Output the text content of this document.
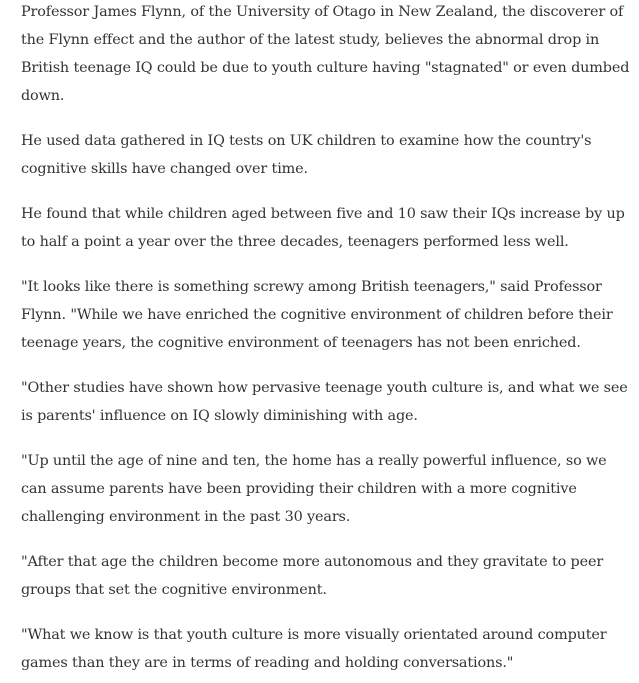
Professor James Flynn, of the University of Otago in New Zealand, the discoverer of the Flynn effect and the author of the latest study, believes the abnormal drop in British teenage IQ could be due to youth culture having "stagnated" or even dumbed down.

He used data gathered in IQ tests on UK children to examine how the country's cognitive skills have changed over time.

He found that while children aged between five and 10 saw their IQs increase by up to half a point a year over the three decades, teenagers performed less well.

"It looks like there is something screwy among British teenagers," said Professor Flynn. "While we have enriched the cognitive environment of children before their teenage years, the cognitive environment of teenagers has not been enriched.

"Other studies have shown how pervasive teenage youth culture is, and what we see is parents' influence on IQ slowly diminishing with age.

"Up until the age of nine and ten, the home has a really powerful influence, so we can assume parents have been providing their children with a more cognitive challenging environment in the past 30 years.

"After that age the children become more autonomous and they gravitate to peer groups that set the cognitive environment.

"What we know is that youth culture is more visually orientated around computer games than they are in terms of reading and holding conversations."
